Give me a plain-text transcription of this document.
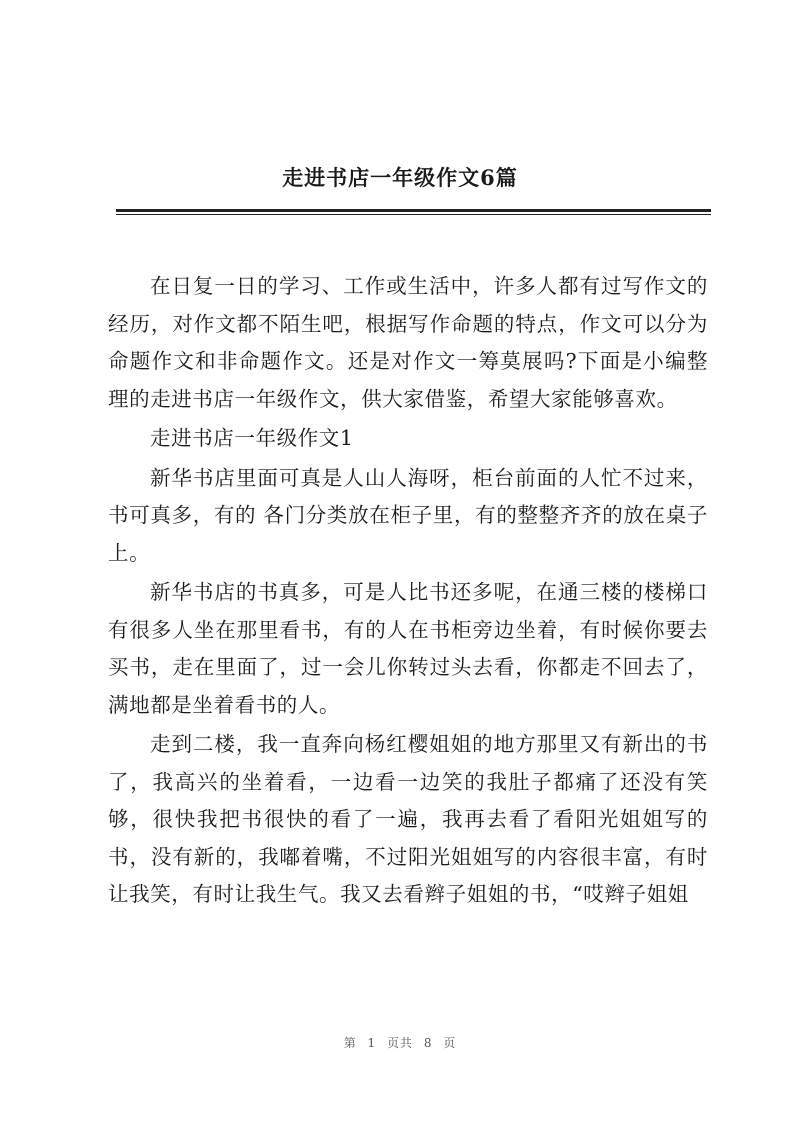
走进书店一年级作文6篇

在日复一日的学习、工作或生活中，许多人都有过写作文的经历，对作文都不陌生吧，根据写作命题的特点，作文可以分为命题作文和非命题作文。还是对作文一筹莫展吗?下面是小编整理的走进书店一年级作文，供大家借鉴，希望大家能够喜欢。

走进书店一年级作文1

新华书店里面可真是人山人海呀，柜台前面的人忙不过来，书可真多，有的 各门分类放在柜子里，有的整整齐齐的放在桌子上。

新华书店的书真多，可是人比书还多呢，在通三楼的楼梯口有很多人坐在那里看书，有的人在书柜旁边坐着，有时候你要去买书，走在里面了，过一会儿你转过头去看，你都走不回去了，满地都是坐着看书的人。

走到二楼，我一直奔向杨红樱姐姐的地方那里又有新出的书了，我高兴的坐着看，一边看一边笑的我肚子都痛了还没有笑够，很快我把书很快的看了一遍，我再去看了看阳光姐姐写的书，没有新的，我嘟着嘴，不过阳光姐姐写的内容很丰富，有时让我笑，有时让我生气。我又去看辫子姐姐的书，“哎辫子姐姐

第 1 页共 8 页
